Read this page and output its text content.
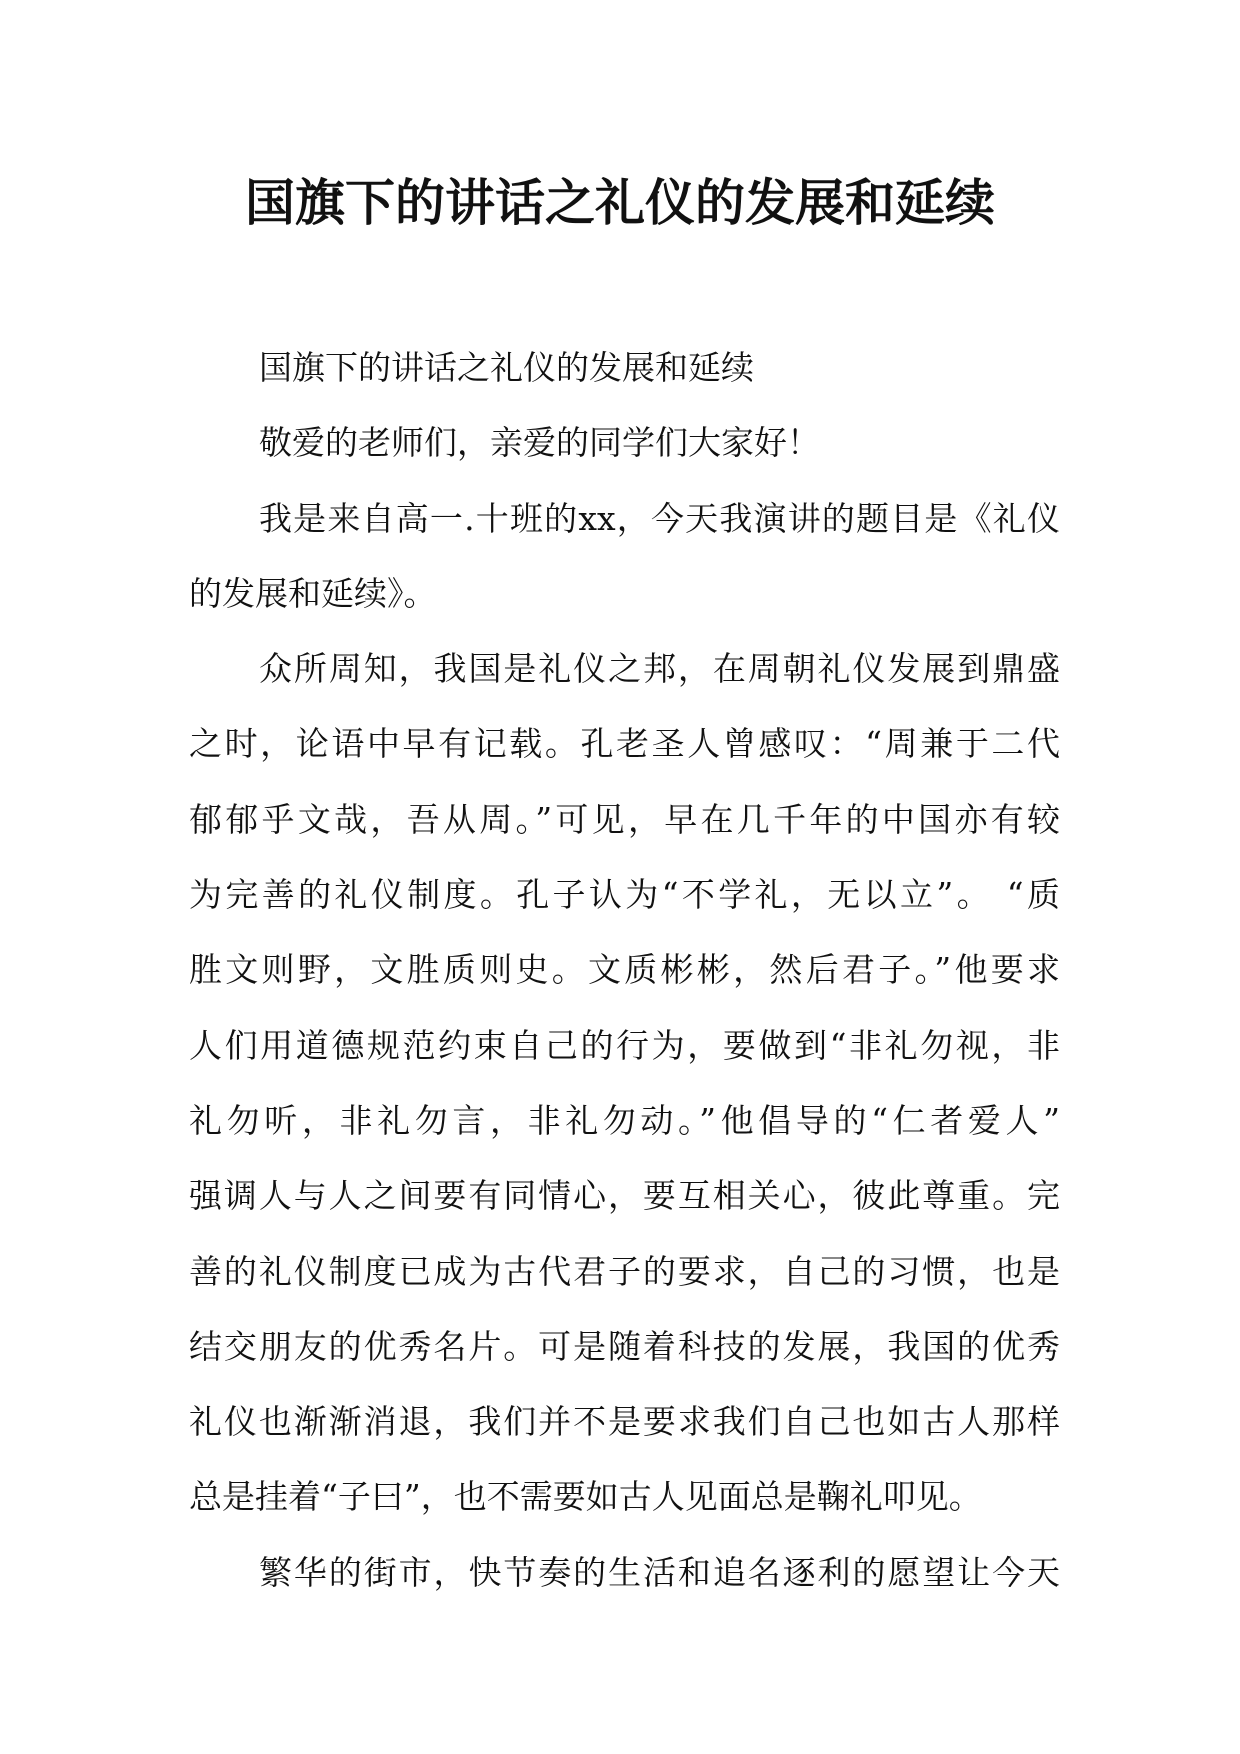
国旗下的讲话之礼仪的发展和延续
国旗下的讲话之礼仪的发展和延续
敬爱的老师们，亲爱的同学们大家好！
我是来自高一.十班的xx，今天我演讲的题目是《礼仪
的发展和延续》。
众所周知，我国是礼仪之邦，在周朝礼仪发展到鼎盛
之时，论语中早有记载。孔老圣人曾感叹：“周兼于二代
郁郁乎文哉，吾从周。”可见，早在几千年的中国亦有较
为完善的礼仪制度。孔子认为“不学礼，无以立”。 “质
胜文则野，文胜质则史。文质彬彬，然后君子。”他要求
人们用道德规范约束自己的行为，要做到“非礼勿视，非
礼勿听，非礼勿言，非礼勿动。”他倡导的“仁者爱人”
强调人与人之间要有同情心，要互相关心，彼此尊重。完
善的礼仪制度已成为古代君子的要求，自己的习惯，也是
结交朋友的优秀名片。可是随着科技的发展，我国的优秀
礼仪也渐渐消退，我们并不是要求我们自己也如古人那样
总是挂着“子曰”，也不需要如古人见面总是鞠礼叩见。
繁华的街市，快节奏的生活和追名逐利的愿望让今天
